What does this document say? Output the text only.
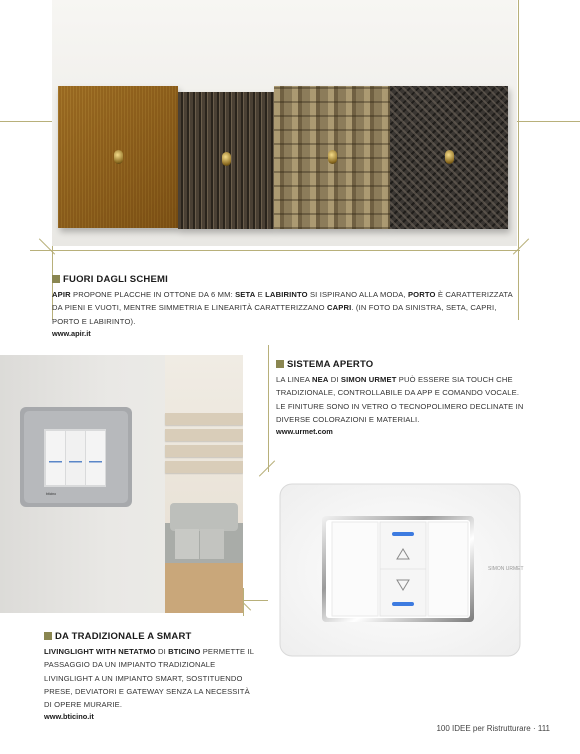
FUORI DAGLI SCHEMI
APIR PROPONE PLACCHE IN OTTONE DA 6 MM: SETA E LABIRINTO SI ISPIRANO ALLA MODA, PORTO È CARATTERIZZATA DA PIENI E VUOTI, MENTRE SIMMETRIA E LINEARITÀ CARATTERIZZANO CAPRI. (IN FOTO DA SINISTRA, SETA, CAPRI, PORTO E LABIRINTO).
www.apir.it
bticino
SISTEMA APERTO
LA LINEA NEA DI SIMON URMET PUÒ ESSERE SIA TOUCH CHE TRADIZIONALE, CONTROLLABILE DA APP E COMANDO VOCALE. LE FINITURE SONO IN VETRO O TECNOPOLIMERO DECLINATE IN DIVERSE COLORAZIONI E MATERIALI.
www.urmet.com
SIMON URMET
DA TRADIZIONALE A SMART
LIVINGLIGHT WITH NETATMO DI BTICINO PERMETTE IL PASSAGGIO DA UN IMPIANTO TRADIZIONALE LIVINGLIGHT A UN IMPIANTO SMART, SOSTITUENDO PRESE, DEVIATORI E GATEWAY SENZA LA NECESSITÀ DI OPERE MURARIE.
www.bticino.it
100 IDEE per Ristrutturare · 111
